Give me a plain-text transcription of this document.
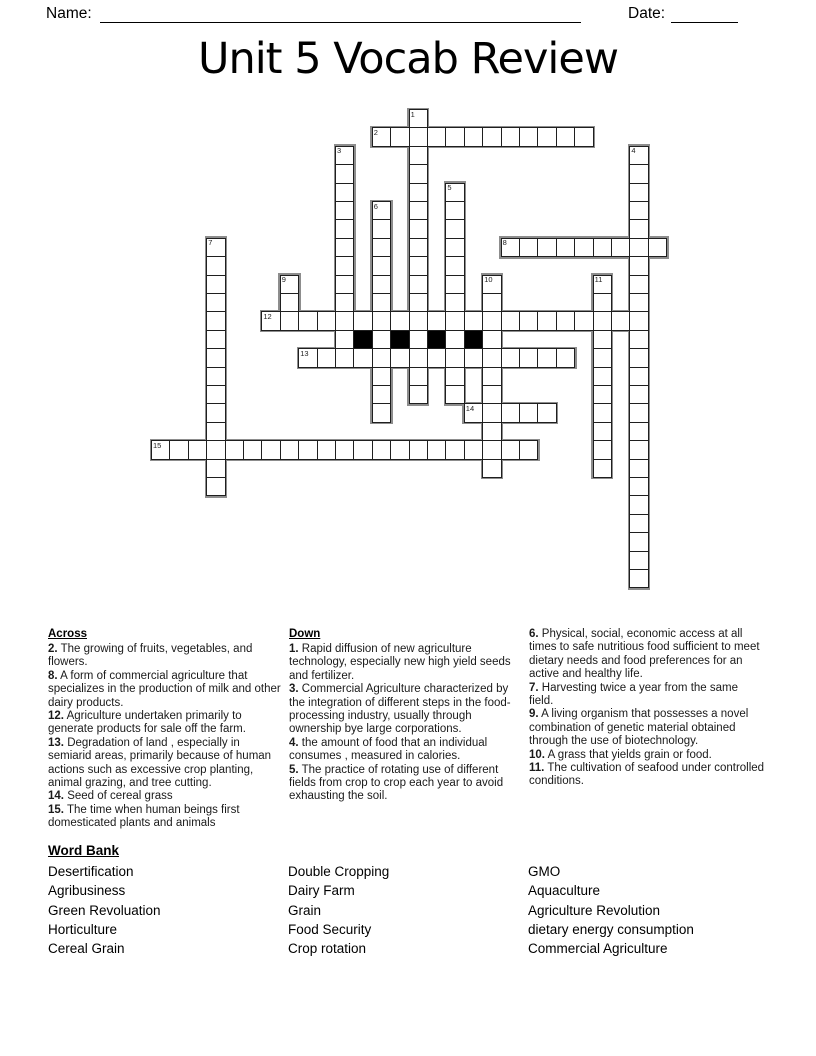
Name:	Date:
Unit 5 Vocab Review
1
2
3	4
5
6
7	8
9	10	11
12
13
14
15

Across

2. The growing of fruits, vegetables, and flowers.

8. A form of commercial agriculture that specializes in the production of milk and other dairy products.

12. Agriculture undertaken primarily to generate products for sale off the farm.

13. Degradation of land , especially in semiarid areas, primarily because of human actions such as excessive crop planting, animal grazing, and tree cutting.

14. Seed of cereal grass

15. The time when human beings first domesticated plants and animals

Down

1. Rapid diffusion of new agriculture technology, especially new high yield seeds and fertilizer.

3. Commercial Agriculture characterized by the integration of different steps in the food-processing industry, usually through ownership bye large corporations.

4. the amount of food that an individual consumes , measured in calories.

5. The practice of rotating use of different fields from crop to crop each year to avoid exhausting the soil.

6. Physical, social, economic access at all times to safe nutritious food sufficient to meet dietary needs and food preferences for an active and healthy life.

7. Harvesting twice a year from the same field.

9. A living organism that possesses a novel combination of genetic material obtained through the use of biotechnology.

10. A grass that yields grain or food.

11. The cultivation of seafood under controlled conditions.

Word Bank
Desertification
Agribusiness
Green Revoluation
Horticulture
Cereal Grain
Double Cropping
Dairy Farm
Grain
Food Security
Crop rotation
GMO
Aquaculture
Agriculture Revolution
dietary energy consumption
Commercial Agriculture
